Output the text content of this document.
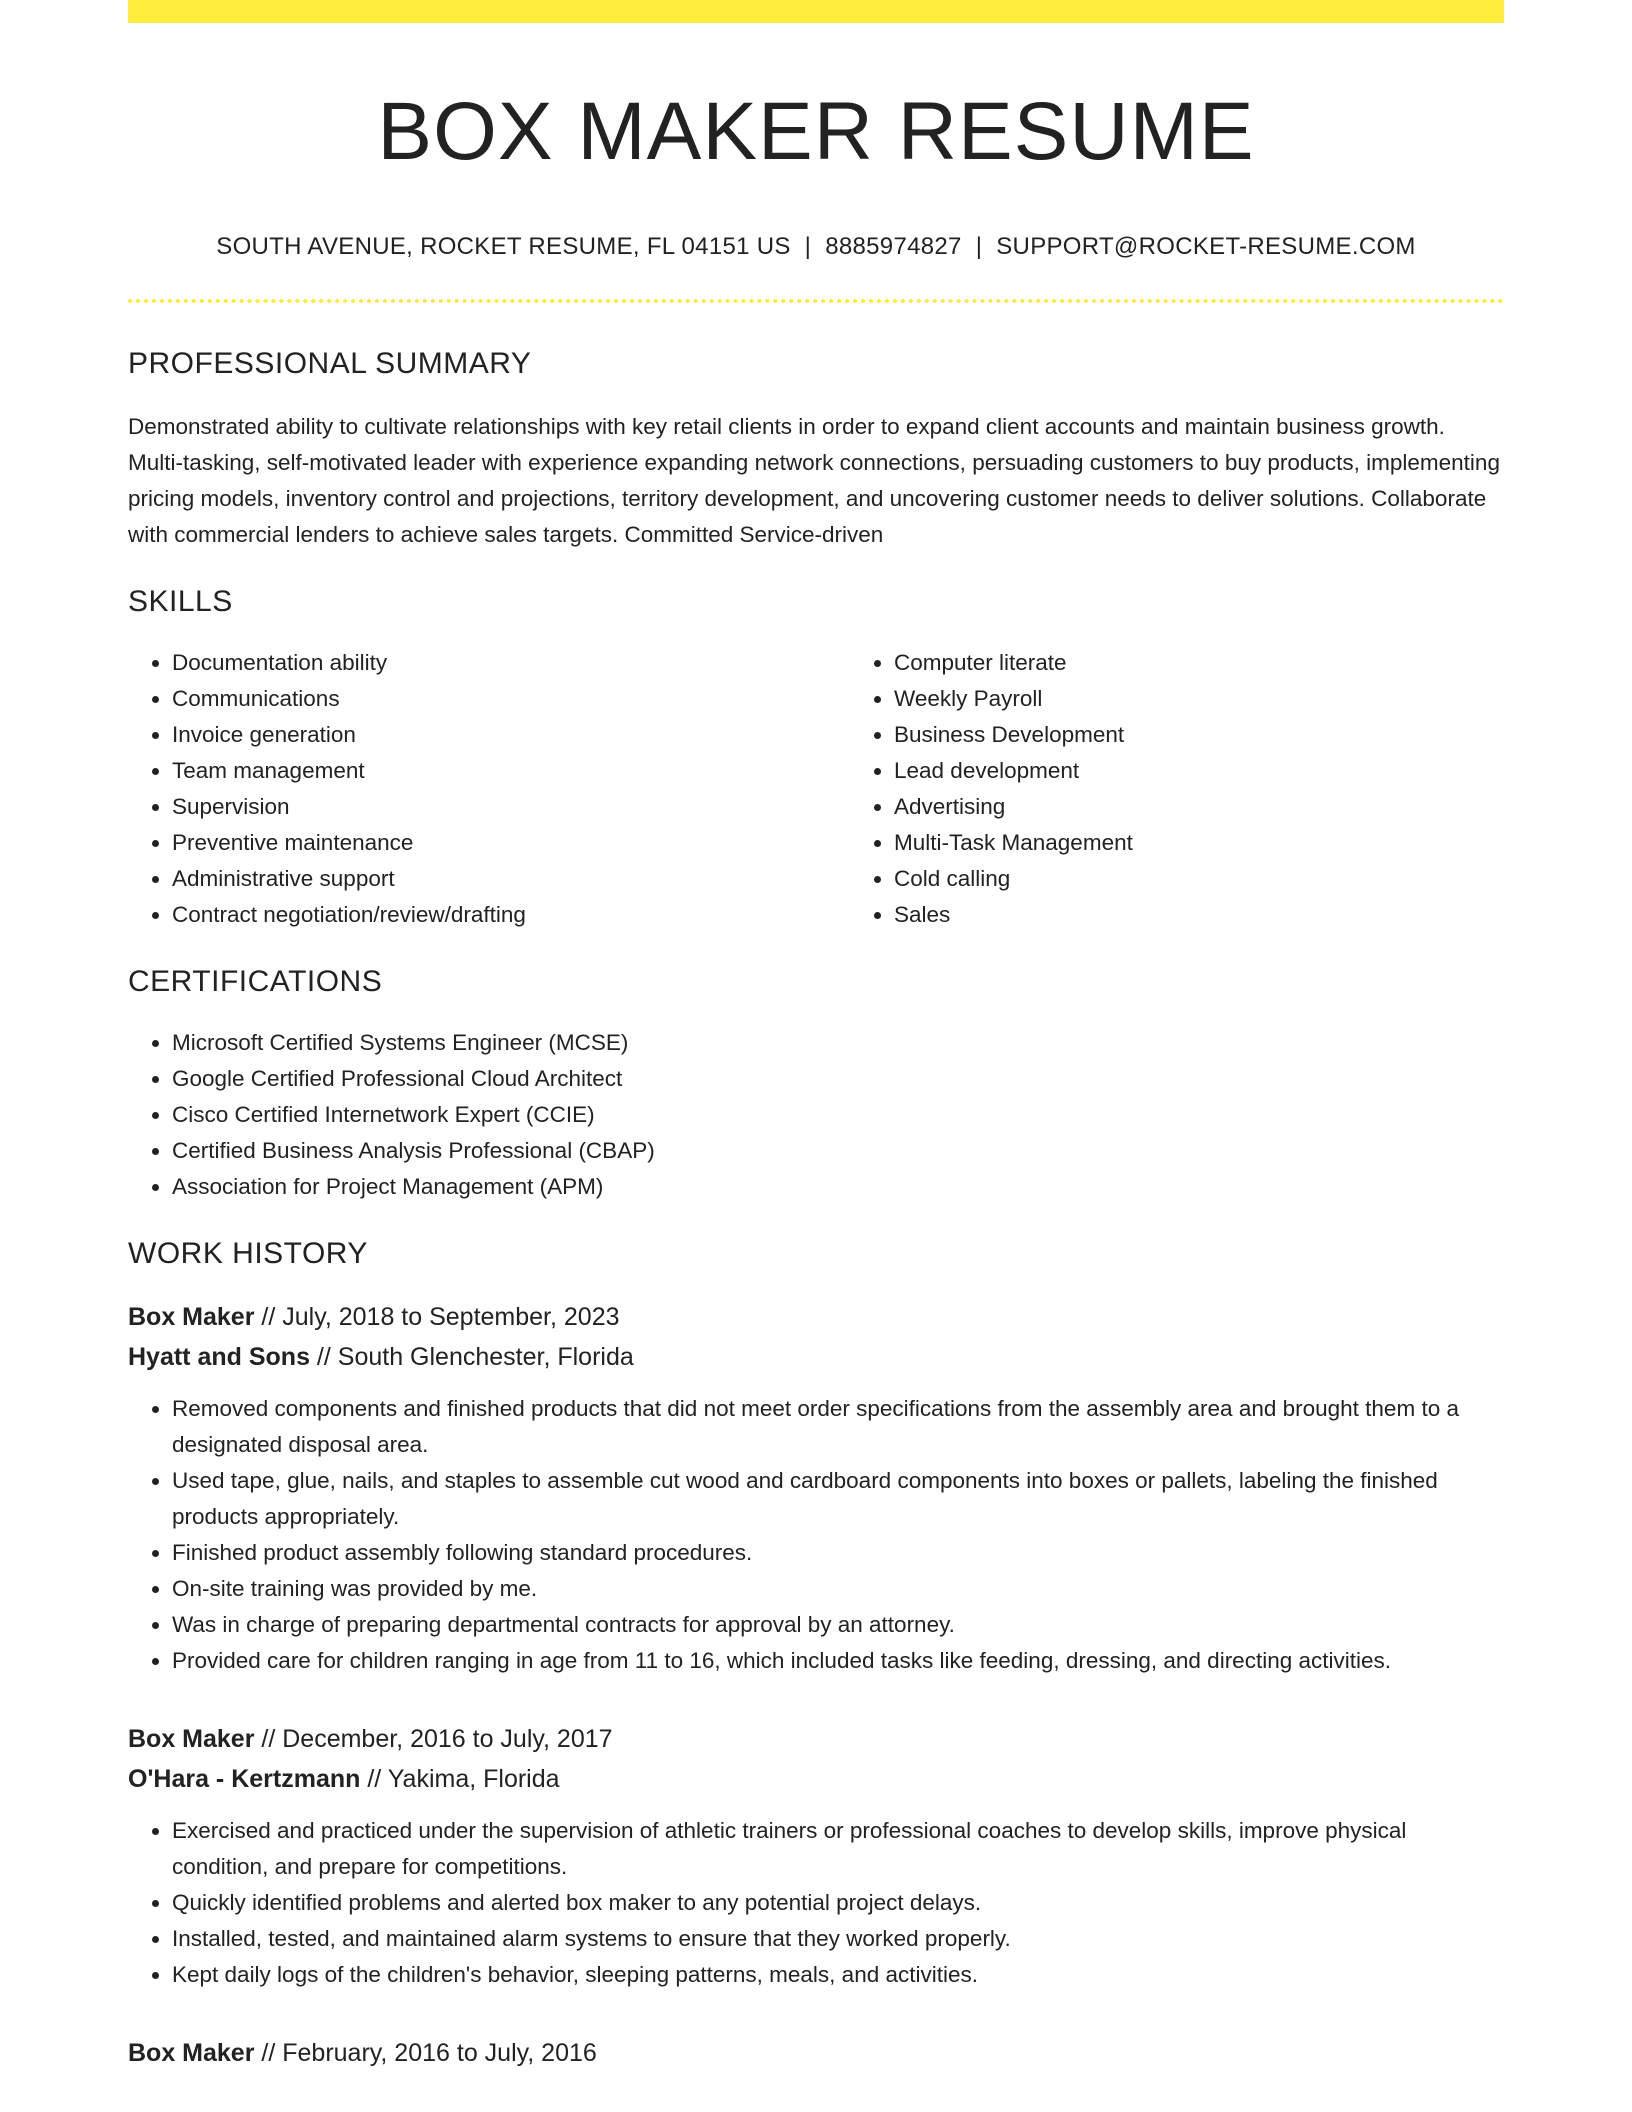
BOX MAKER RESUME
SOUTH AVENUE, ROCKET RESUME, FL 04151 US | 8885974827 | SUPPORT@ROCKET-RESUME.COM
PROFESSIONAL SUMMARY

Demonstrated ability to cultivate relationships with key retail clients in order to expand client accounts and maintain business growth. Multi-tasking, self-motivated leader with experience expanding network connections, persuading customers to buy products, implementing pricing models, inventory control and projections, territory development, and uncovering customer needs to deliver solutions. Collaborate with commercial lenders to achieve sales targets. Committed Service-driven

SKILLS
• Documentation ability
• Communications
• Invoice generation
• Team management
• Supervision
• Preventive maintenance
• Administrative support
• Contract negotiation/review/drafting
• Computer literate
• Weekly Payroll
• Business Development
• Lead development
• Advertising
• Multi-Task Management
• Cold calling
• Sales
CERTIFICATIONS
• Microsoft Certified Systems Engineer (MCSE)
• Google Certified Professional Cloud Architect
• Cisco Certified Internetwork Expert (CCIE)
• Certified Business Analysis Professional (CBAP)
• Association for Project Management (APM)
WORK HISTORY
Box Maker // July, 2018 to September, 2023
Hyatt and Sons // South Glenchester, Florida
• Removed components and finished products that did not meet order specifications from the assembly area and brought them to a designated disposal area.
• Used tape, glue, nails, and staples to assemble cut wood and cardboard components into boxes or pallets, labeling the finished products appropriately.
• Finished product assembly following standard procedures.
• On-site training was provided by me.
• Was in charge of preparing departmental contracts for approval by an attorney.
• Provided care for children ranging in age from 11 to 16, which included tasks like feeding, dressing, and directing activities.
Box Maker // December, 2016 to July, 2017
O'Hara - Kertzmann // Yakima, Florida
• Exercised and practiced under the supervision of athletic trainers or professional coaches to develop skills, improve physical condition, and prepare for competitions.
• Quickly identified problems and alerted box maker to any potential project delays.
• Installed, tested, and maintained alarm systems to ensure that they worked properly.
• Kept daily logs of the children's behavior, sleeping patterns, meals, and activities.
Box Maker // February, 2016 to July, 2016
